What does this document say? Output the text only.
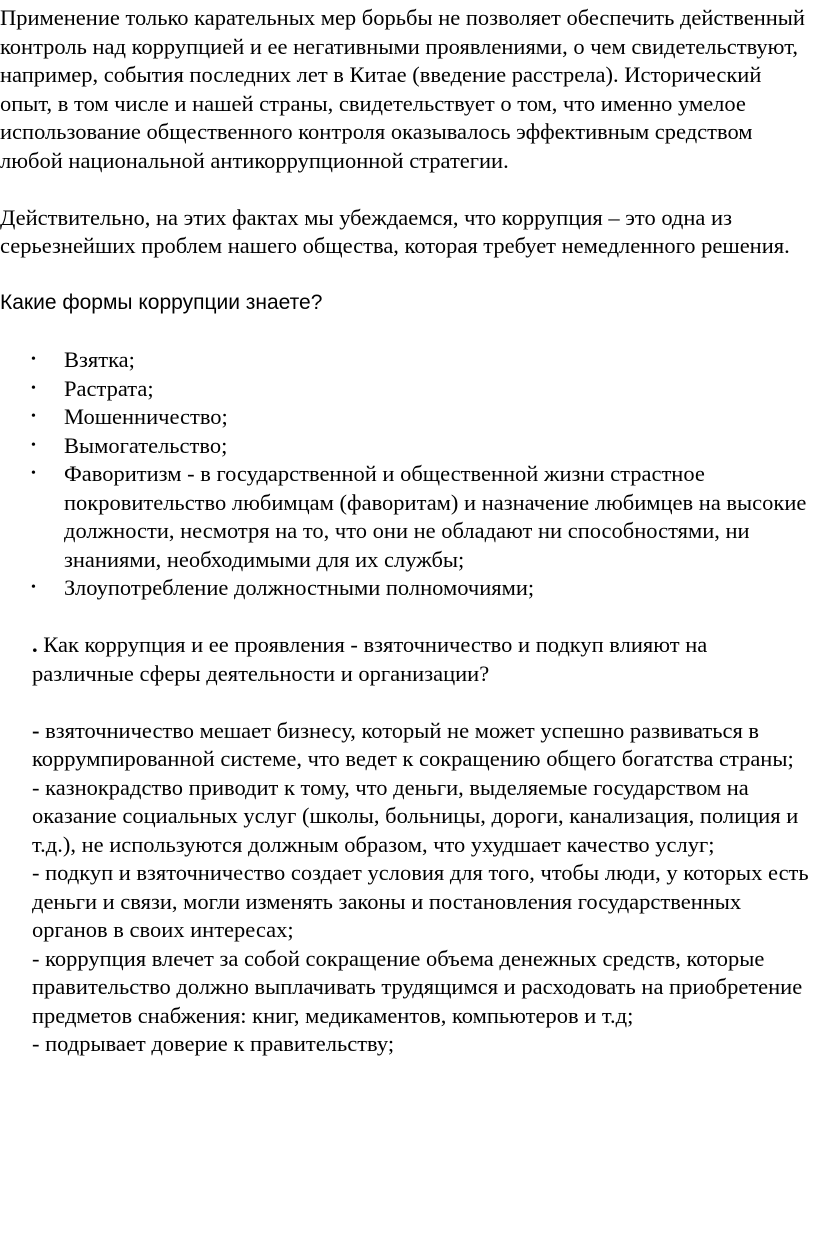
Применение только карательных мер борьбы не позволяет обеспечить действенный контроль над коррупцией и ее негативными проявлениями, о чем свидетельствуют, например, события последних лет в Китае (введение расстрела). Исторический опыт, в том числе и нашей страны, свидетельствует о том, что именно умелое использование общественного контроля оказывалось эффективным средством любой национальной антикоррупционной стратегии.

Действительно, на этих фактах мы убеждаемся, что коррупция – это одна из серьезнейших проблем нашего общества, которая требует немедленного решения.

Какие формы коррупции знаете?

• Взятка;
• Растрата;
• Мошенничество;
• Вымогательство;
• Фаворитизм - в государственной и общественной жизни страстное покровительство любимцам (фаворитам) и назначение любимцев на высокие должности, несмотря на то, что они не обладают ни способностями, ни знаниями, необходимыми для их службы;
• Злоупотребление должностными полномочиями;

. Как коррупция и ее проявления - взяточничество и подкуп влияют на различные сферы деятельности и организации?

- взяточничество мешает бизнесу, который не может успешно развиваться в коррумпированной системе, что ведет к сокращению общего богатства страны;

- казнокрадство приводит к тому, что деньги, выделяемые государством на оказание социальных услуг (школы, больницы, дороги, канализация, полиция и т.д.), не используются должным образом, что ухудшает качество услуг;

- подкуп и взяточничество создает условия для того, чтобы люди, у которых есть деньги и связи, могли изменять законы и постановления государственных органов в своих интересах;

- коррупция влечет за собой сокращение объема денежных средств, которые правительство должно выплачивать трудящимся и расходовать на приобретение предметов снабжения: книг, медикаментов, компьютеров и т.д;

- подрывает доверие к правительству;
